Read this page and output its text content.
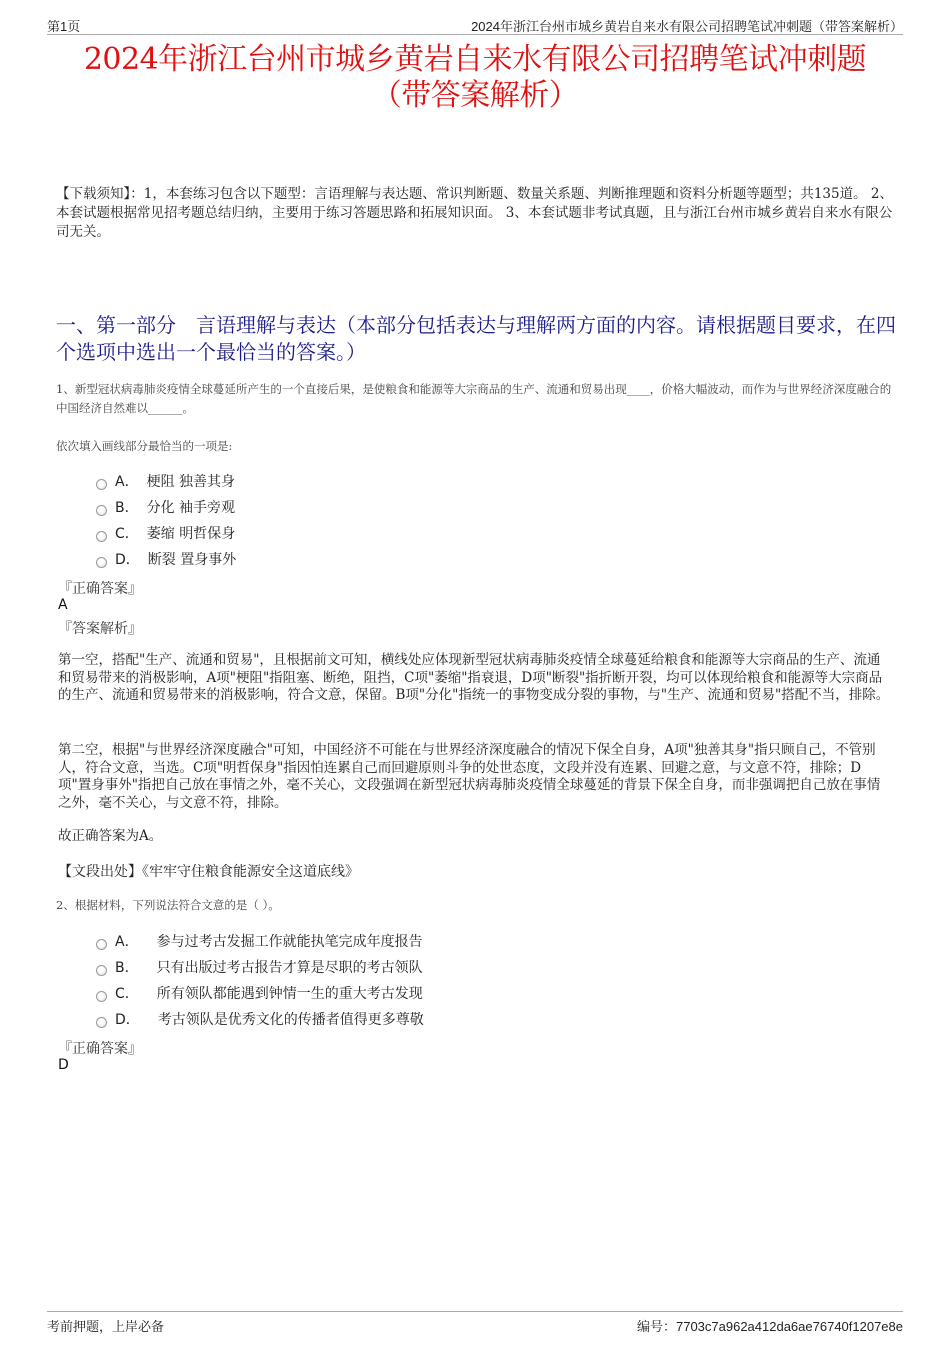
第1页	2024年浙江台州市城乡黄岩自来水有限公司招聘笔试冲刺题（带答案解析）
2024年浙江台州市城乡黄岩自来水有限公司招聘笔试冲刺题
（带答案解析）
【下载须知】：1，本套练习包含以下题型：言语理解与表达题、常识判断题、数量关系题、判断推理题和资料分析题等题型；共135道。 2、本套试题根据常见招考题总结归纳，主要用于练习答题思路和拓展知识面。 3、本套试题非考试真题，且与浙江台州市城乡黄岩自来水有限公司无关。
一、第一部分　言语理解与表达（本部分包括表达与理解两方面的内容。请根据题目要求，在四个选项中选出一个最恰当的答案。）
1、新型冠状病毒肺炎疫情全球蔓延所产生的一个直接后果，是使粮食和能源等大宗商品的生产、流通和贸易出现____，价格大幅波动，而作为与世界经济深度融合的中国经济自然难以______。
依次填入画线部分最恰当的一项是:
A． 梗阻 独善其身
B． 分化 袖手旁观
C． 萎缩 明哲保身
D． 断裂 置身事外
『正确答案』
A
『答案解析』
第一空，搭配"生产、流通和贸易"，且根据前文可知，横线处应体现新型冠状病毒肺炎疫情全球蔓延给粮食和能源等大宗商品的生产、流通和贸易带来的消极影响，A项"梗阻"指阻塞、断绝，阻挡，C项"萎缩"指衰退，D项"断裂"指折断开裂，均可以体现给粮食和能源等大宗商品的生产、流通和贸易带来的消极影响，符合文意，保留。B项"分化"指统一的事物变成分裂的事物，与"生产、流通和贸易"搭配不当，排除。
第二空，根据"与世界经济深度融合"可知，中国经济不可能在与世界经济深度融合的情况下保全自身，A项"独善其身"指只顾自己，不管别人，符合文意，当选。C项"明哲保身"指因怕连累自己而回避原则斗争的处世态度，文段并没有连累、回避之意，与文意不符，排除；D项"置身事外"指把自己放在事情之外，毫不关心，文段强调在新型冠状病毒肺炎疫情全球蔓延的背景下保全自身，而非强调把自己放在事情之外，毫不关心，与文意不符，排除。
故正确答案为A。
【文段出处】《牢牢守住粮食能源安全这道底线》
2、根据材料，下列说法符合文意的是（ ）。
A． 参与过考古发掘工作就能执笔完成年度报告
B． 只有出版过考古报告才算是尽职的考古领队
C． 所有领队都能遇到钟情一生的重大考古发现
D． 考古领队是优秀文化的传播者值得更多尊敬
『正确答案』
D
考前押题，上岸必备	编号：7703c7a962a412da6ae76740f1207e8e
